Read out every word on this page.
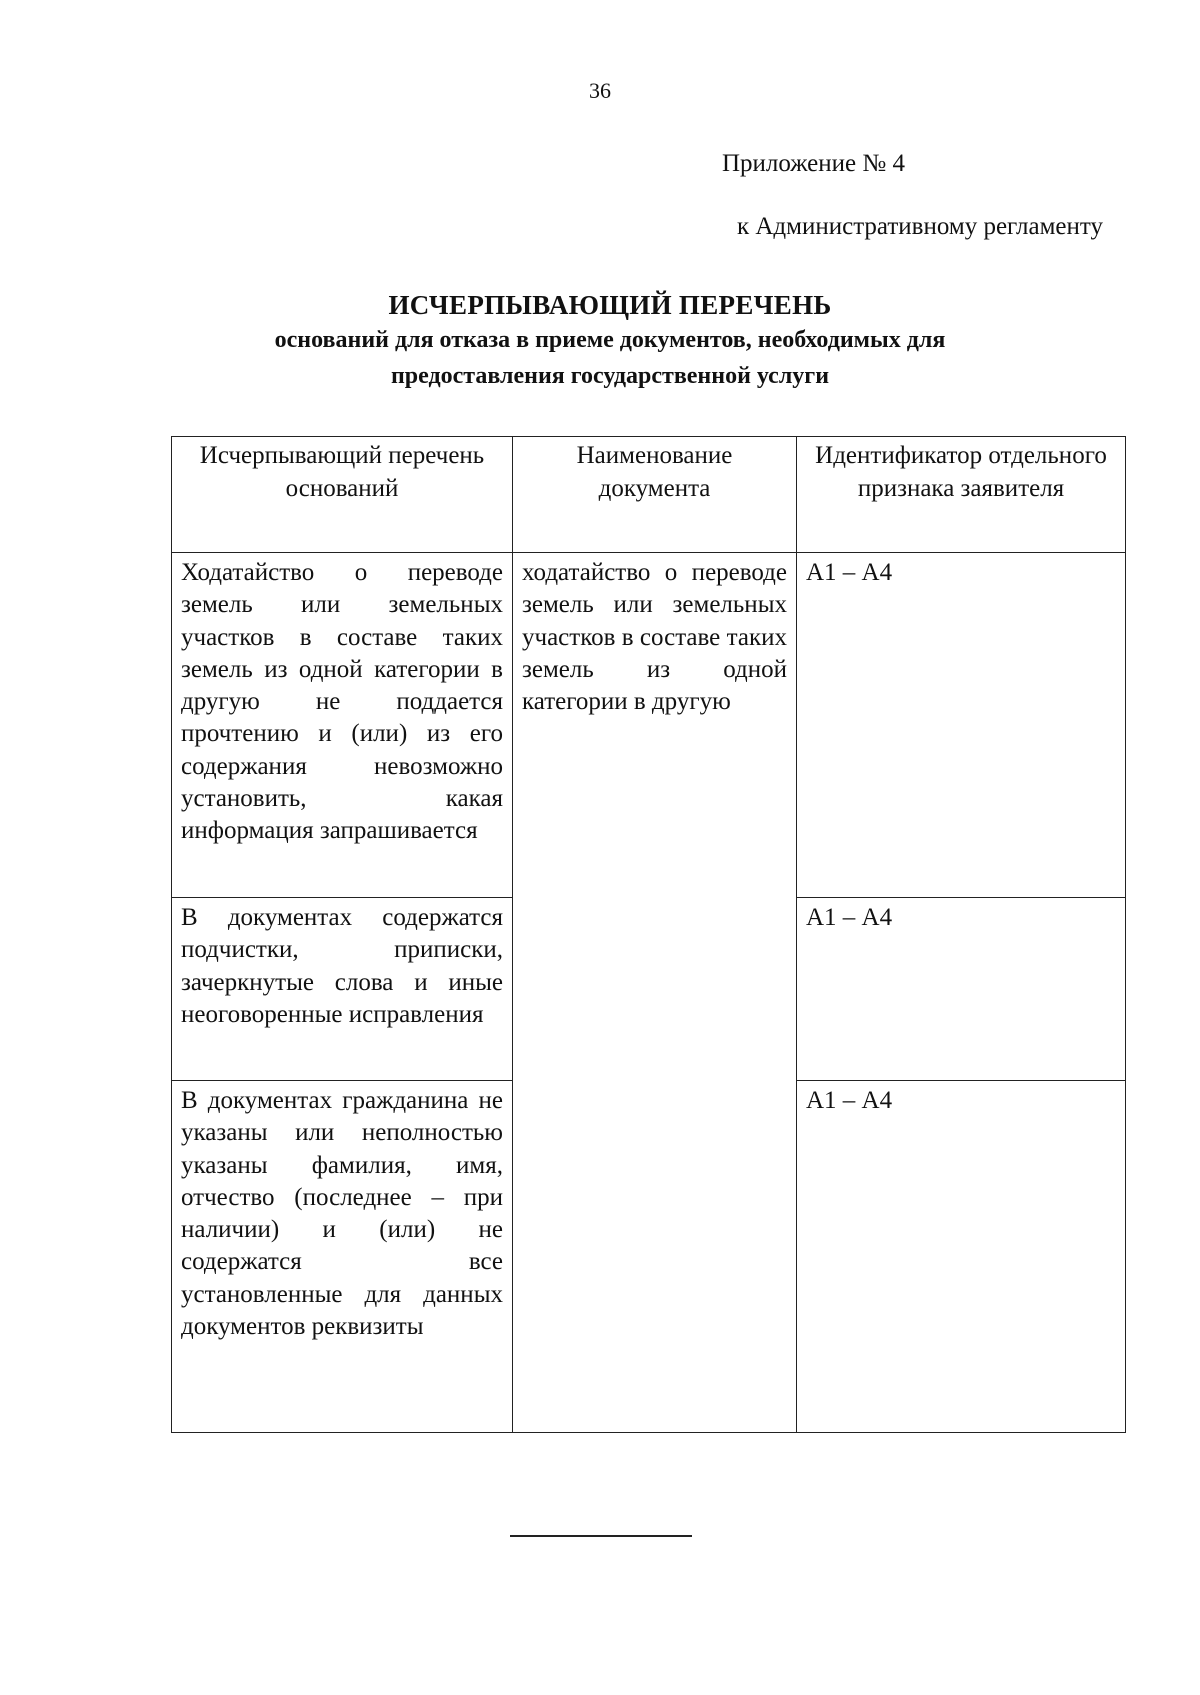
36
Приложение № 4
к Административному регламенту
ИСЧЕРПЫВАЮЩИЙ ПЕРЕЧЕНЬ
оснований для отказа в приеме документов, необходимых для
предоставления государственной услуги
Исчерпывающий перечень оснований	Наименование документа	Идентификатор отдельного признака заявителя
Ходатайство о переводе земель или земельных участков в составе таких земель из одной категории в другую не поддается прочтению и (или) из его содержания невозможно установить, какая информация запрашивается	ходатайство о переводе земель или земельных участков в составе таких земель из одной категории в другую	А1 – А4
В документах содержатся подчистки, приписки, зачеркнутые слова и иные неоговоренные исправления		А1 – А4
В документах гражданина не указаны или неполностью указаны фамилия, имя, отчество (последнее – при наличии) и (или) не содержатся все установленные для данных документов реквизиты		А1 – А4
